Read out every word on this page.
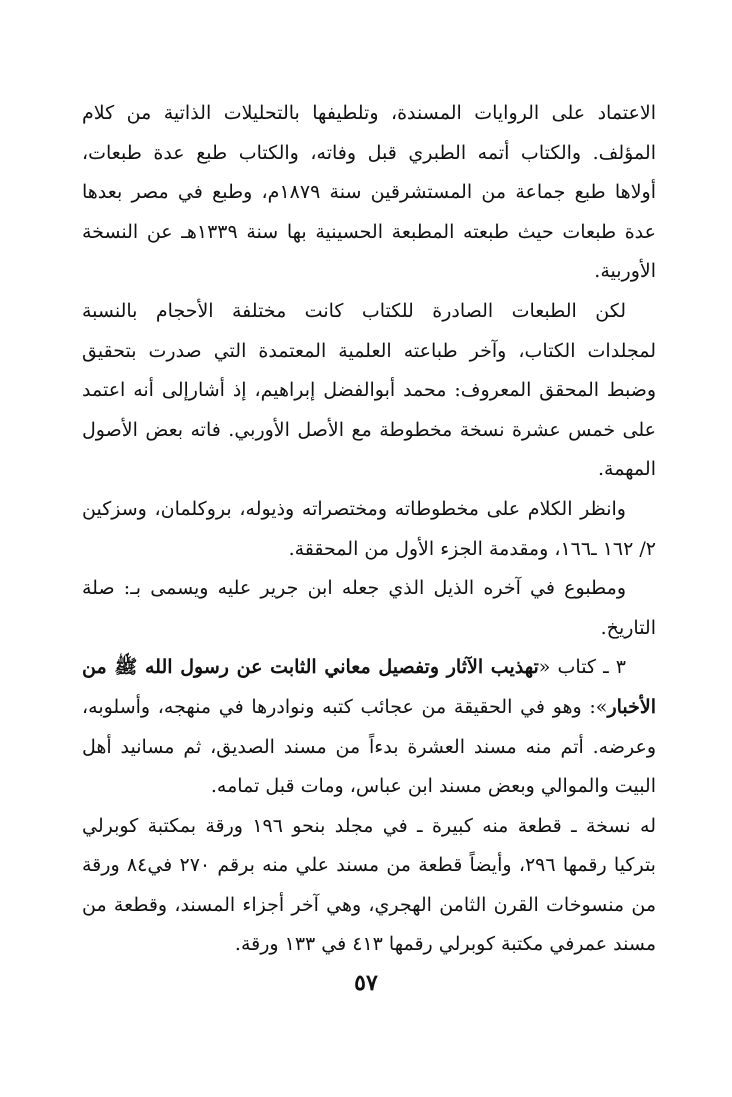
الاعتماد على الروايات المسندة، وتلطيفها بالتحليلات الذاتية من كلام
المؤلف. والكتاب أتمه الطبري قبل وفاته، والكتاب طبع عدة طبعات،
أولاها طبع جماعة من المستشرقين سنة ١٨٧٩م، وطبع في مصر بعدها
عدة طبعات حيث طبعته المطبعة الحسينية بها سنة ١٣٣٩هـ عن النسخة
الأوربية.

لكن الطبعات الصادرة للكتاب كانت مختلفة الأحجام بالنسبة
لمجلدات الكتاب، وآخر طباعته العلمية المعتمدة التي صدرت بتحقيق
وضبط المحقق المعروف: محمد أبوالفضل إبراهيم، إذ أشارإلى أنه اعتمد
على خمس عشرة نسخة مخطوطة مع الأصل الأوربي. فاته بعض الأصول
المهمة.

وانظر الكلام على مخطوطاته ومختصراته وذيوله، بروكلمان، وسزكين
٢/ ١٦٢ ـ١٦٦، ومقدمة الجزء الأول من المحققة.

ومطبوع في آخره الذيل الذي جعله ابن جرير عليه ويسمى بـ: صلة
التاريخ.

٣ ـ كتاب «تهذيب الآثار وتفصيل معاني الثابت عن رسول الله ﷺ من
الأخبار»: وهو في الحقيقة من عجائب كتبه ونوادرها في منهجه، وأسلوبه،
وعرضه. أتم منه مسند العشرة بدءاً من مسند الصديق، ثم مسانيد أهل
البيت والموالي وبعض مسند ابن عباس، ومات قبل تمامه.

له نسخة ـ قطعة منه كبيرة ـ في مجلد بنحو ١٩٦ ورقة بمكتبة كوبرلي
بتركيا رقمها ٢٩٦، وأيضاً قطعة من مسند علي منه برقم ٢٧٠ في٨٤ ورقة
من منسوخات القرن الثامن الهجري، وهي آخر أجزاء المسند، وقطعة من
مسند عمرفي مكتبة كوبرلي رقمها ٤١٣ في ١٣٣ ورقة.

٥٧
